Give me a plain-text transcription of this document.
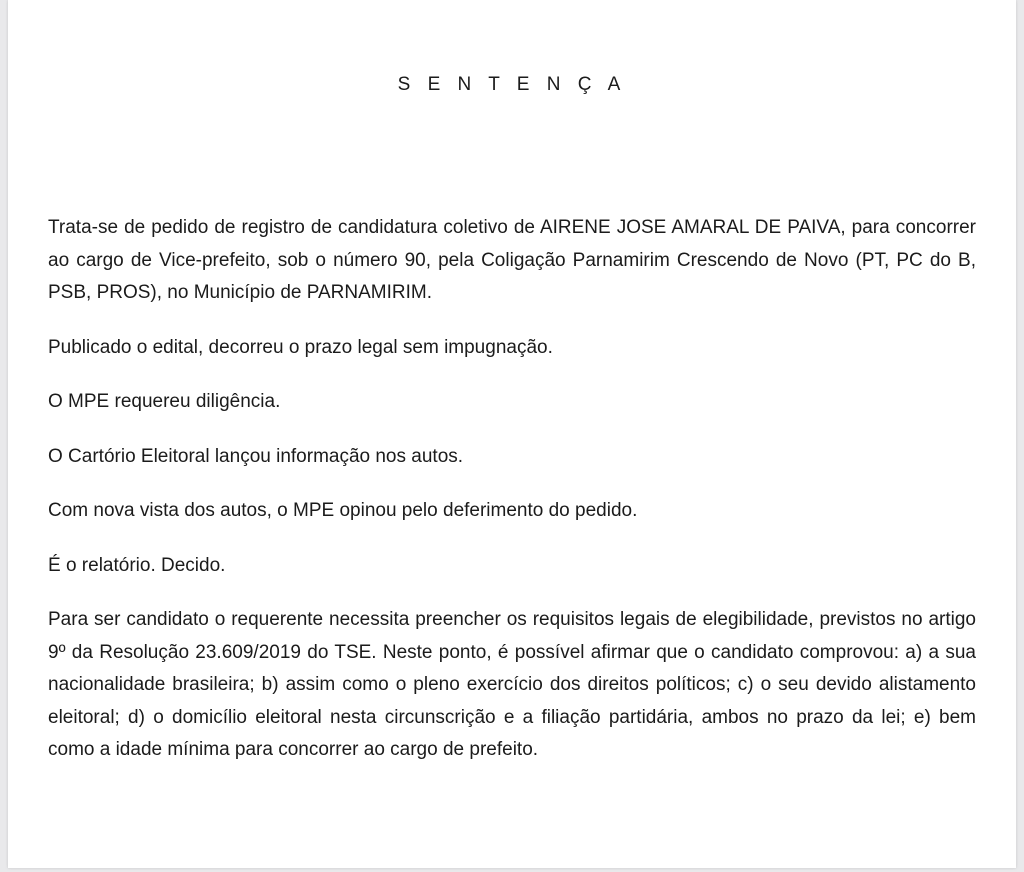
S E N T E N Ç A

Trata-se de pedido de registro de candidatura coletivo de AIRENE JOSE AMARAL DE PAIVA, para concorrer ao cargo de Vice-prefeito, sob o número 90, pela Coligação Parnamirim Crescendo de Novo (PT, PC do B, PSB, PROS), no Município de PARNAMIRIM.

Publicado o edital, decorreu o prazo legal sem impugnação.

O MPE requereu diligência.

O Cartório Eleitoral lançou informação nos autos.

Com nova vista dos autos, o MPE opinou pelo deferimento do pedido.

É o relatório. Decido.

Para ser candidato o requerente necessita preencher os requisitos legais de elegibilidade, previstos no artigo 9º da Resolução 23.609/2019 do TSE. Neste ponto, é possível afirmar que o candidato comprovou: a) a sua nacionalidade brasileira; b) assim como o pleno exercício dos direitos políticos; c) o seu devido alistamento eleitoral; d) o domicílio eleitoral nesta circunscrição e a filiação partidária, ambos no prazo da lei; e) bem como a idade mínima para concorrer ao cargo de prefeito.
